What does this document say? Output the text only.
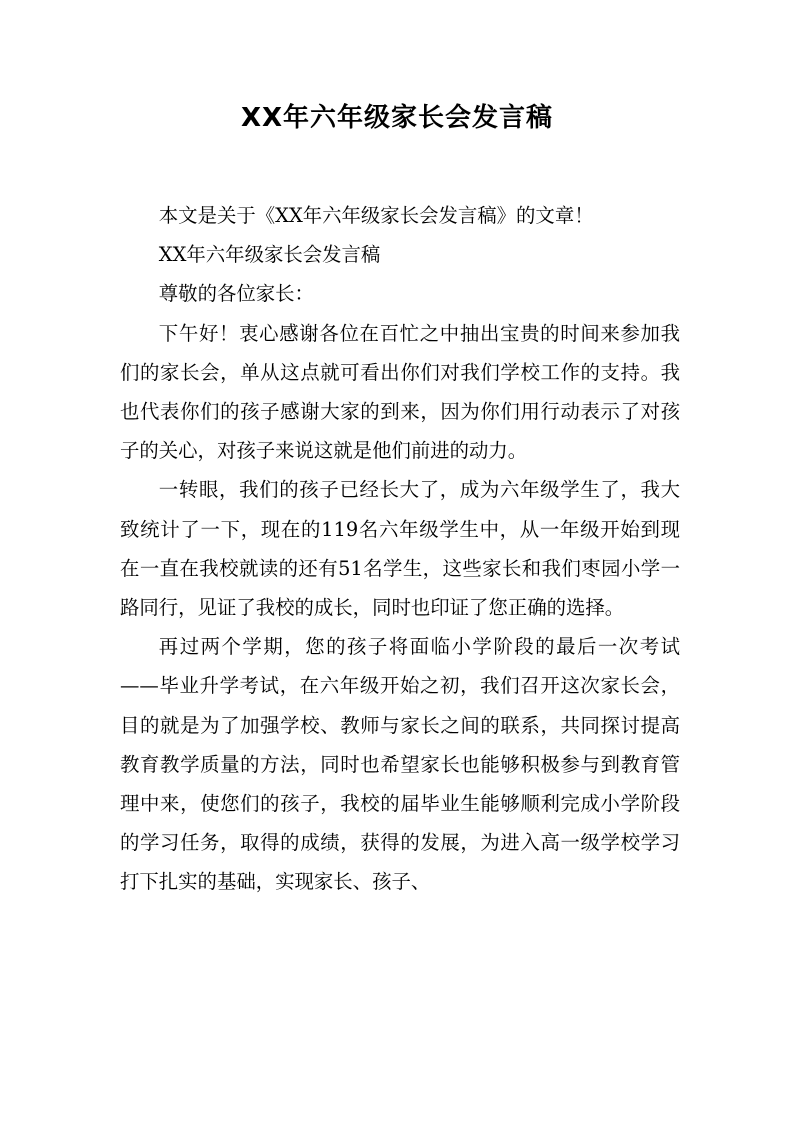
XX年六年级家长会发言稿

本文是关于《XX年六年级家长会发言稿》的文章！

XX年六年级家长会发言稿

尊敬的各位家长：

下午好！衷心感谢各位在百忙之中抽出宝贵的时间来参加我们的家长会，单从这点就可看出你们对我们学校工作的支持。我也代表你们的孩子感谢大家的到来，因为你们用行动表示了对孩子的关心，对孩子来说这就是他们前进的动力。

一转眼，我们的孩子已经长大了，成为六年级学生了，我大致统计了一下，现在的119名六年级学生中，从一年级开始到现在一直在我校就读的还有51名学生，这些家长和我们枣园小学一路同行，见证了我校的成长，同时也印证了您正确的选择。

再过两个学期，您的孩子将面临小学阶段的最后一次考试——毕业升学考试，在六年级开始之初，我们召开这次家长会，目的就是为了加强学校、教师与家长之间的联系，共同探讨提高教育教学质量的方法，同时也希望家长也能够积极参与到教育管理中来，使您们的孩子，我校的届毕业生能够顺利完成小学阶段的学习任务，取得的成绩，获得的发展，为进入高一级学校学习打下扎实的基础，实现家长、孩子、
